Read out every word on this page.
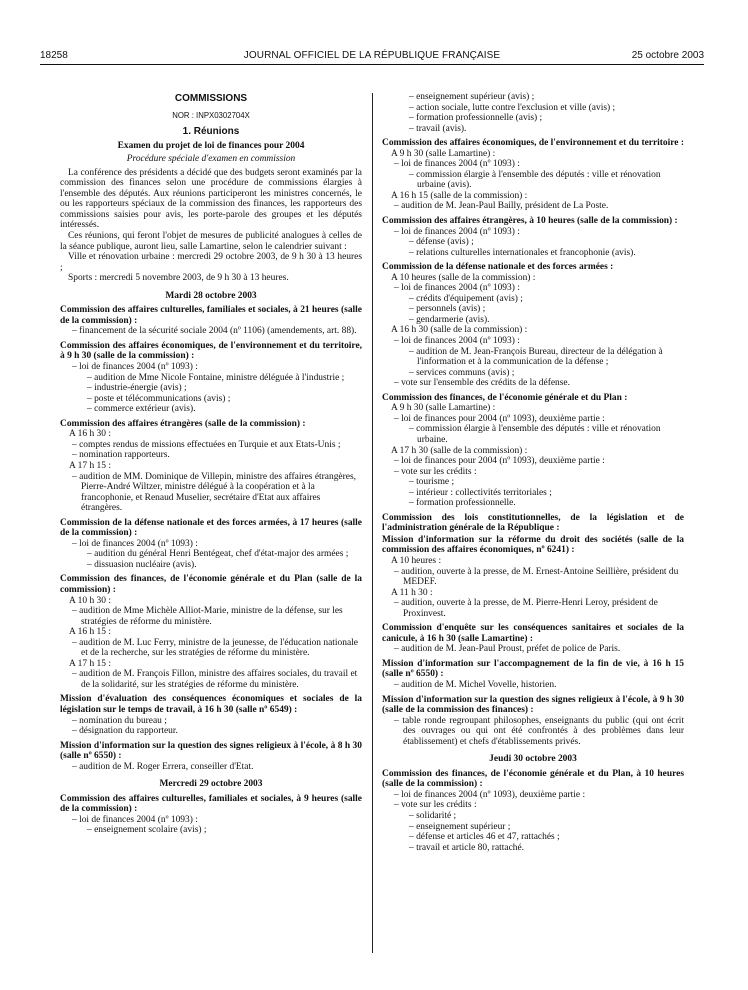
18258	JOURNAL OFFICIEL DE LA RÉPUBLIQUE FRANÇAISE	25 octobre 2003

COMMISSIONS

NOR : INPX0302704X

1. Réunions

Examen du projet de loi de finances pour 2004

Procédure spéciale d'examen en commission

La conférence des présidents a décidé que des budgets seront examinés par la commission des finances selon une procédure de commissions élargies à l'ensemble des députés. Aux réunions participeront les ministres concernés, le ou les rapporteurs spéciaux de la commission des finances, les rapporteurs des commissions saisies pour avis, les porte-parole des groupes et les députés intéressés.

Ces réunions, qui feront l'objet de mesures de publicité analogues à celles de la séance publique, auront lieu, salle Lamartine, selon le calendrier suivant :

Ville et rénovation urbaine : mercredi 29 octobre 2003, de 9 h 30 à 13 heures ;

Sports : mercredi 5 novembre 2003, de 9 h 30 à 13 heures.

Mardi 28 octobre 2003

Commission des affaires culturelles, familiales et sociales, à 21 heures (salle de la commission) :

– financement de la sécurité sociale 2004 (nº 1106) (amendements, art. 88).

Commission des affaires économiques, de l'environnement et du territoire, à 9 h 30 (salle de la commission) :

– loi de finances 2004 (nº 1093) :

– audition de Mme Nicole Fontaine, ministre déléguée à l'industrie ;

– industrie-énergie (avis) ;

– poste et télécommunications (avis) ;

– commerce extérieur (avis).

Commission des affaires étrangères (salle de la commission) :

A 16 h 30 :

– comptes rendus de missions effectuées en Turquie et aux Etats-Unis ;

– nomination rapporteurs.

A 17 h 15 :

– audition de MM. Dominique de Villepin, ministre des affaires étrangères, Pierre-André Wiltzer, ministre délégué à la coopération et à la francophonie, et Renaud Muselier, secrétaire d'Etat aux affaires étrangères.

Commission de la défense nationale et des forces armées, à 17 heures (salle de la commission) :

– loi de finances 2004 (nº 1093) :

– audition du général Henri Bentégeat, chef d'état-major des armées ;

– dissuasion nucléaire (avis).

Commission des finances, de l'économie générale et du Plan (salle de la commission) :

A 10 h 30 :

– audition de Mme Michèle Alliot-Marie, ministre de la défense, sur les stratégies de réforme du ministère.

A 16 h 15 :

– audition de M. Luc Ferry, ministre de la jeunesse, de l'éducation nationale et de la recherche, sur les stratégies de réforme du ministère.

A 17 h 15 :

– audition de M. François Fillon, ministre des affaires sociales, du travail et de la solidarité, sur les stratégies de réforme du ministère.

Mission d'évaluation des conséquences économiques et sociales de la législation sur le temps de travail, à 16 h 30 (salle nº 6549) :

– nomination du bureau ;

– désignation du rapporteur.

Mission d'information sur la question des signes religieux à l'école, à 8 h 30 (salle nº 6550) :

– audition de M. Roger Errera, conseiller d'Etat.

Mercredi 29 octobre 2003

Commission des affaires culturelles, familiales et sociales, à 9 heures (salle de la commission) :

– loi de finances 2004 (nº 1093) :

– enseignement scolaire (avis) ;

– enseignement supérieur (avis) ;

– action sociale, lutte contre l'exclusion et ville (avis) ;

– formation professionnelle (avis) ;

– travail (avis).

Commission des affaires économiques, de l'environnement et du territoire :

A 9 h 30 (salle Lamartine) :

– loi de finances 2004 (nº 1093) :

– commission élargie à l'ensemble des députés : ville et rénovation urbaine (avis).

A 16 h 15 (salle de la commission) :

– audition de M. Jean-Paul Bailly, président de La Poste.

Commission des affaires étrangères, à 10 heures (salle de la commission) :

– loi de finances 2004 (nº 1093) :

– défense (avis) ;

– relations culturelles internationales et francophonie (avis).

Commission de la défense nationale et des forces armées :

A 10 heures (salle de la commission) :

– loi de finances 2004 (nº 1093) :

– crédits d'équipement (avis) ;

– personnels (avis) ;

– gendarmerie (avis).

A 16 h 30 (salle de la commission) :

– loi de finances 2004 (nº 1093) :

– audition de M. Jean-François Bureau, directeur de la délégation à l'information et à la communication de la défense ;

– services communs (avis) ;

– vote sur l'ensemble des crédits de la défense.

Commission des finances, de l'économie générale et du Plan :

A 9 h 30 (salle Lamartine) :

– loi de finances pour 2004 (nº 1093), deuxième partie :

– commission élargie à l'ensemble des députés : ville et rénovation urbaine.

A 17 h 30 (salle de la commission) :

– loi de finances pour 2004 (nº 1093), deuxième partie :

– vote sur les crédits :

– tourisme ;

– intérieur : collectivités territoriales ;

– formation professionnelle.

Commission des lois constitutionnelles, de la législation et de l'administration générale de la République :

Mission d'information sur la réforme du droit des sociétés (salle de la commission des affaires économiques, nº 6241) :

A 10 heures :

– audition, ouverte à la presse, de M. Ernest-Antoine Seillière, président du MEDEF.

A 11 h 30 :

– audition, ouverte à la presse, de M. Pierre-Henri Leroy, président de Proxinvest.

Commission d'enquête sur les conséquences sanitaires et sociales de la canicule, à 16 h 30 (salle Lamartine) :

– audition de M. Jean-Paul Proust, préfet de police de Paris.

Mission d'information sur l'accompagnement de la fin de vie, à 16 h 15 (salle nº 6550) :

– audition de M. Michel Vovelle, historien.

Mission d'information sur la question des signes religieux à l'école, à 9 h 30 (salle de la commission des finances) :

– table ronde regroupant philosophes, enseignants du public (qui ont écrit des ouvrages ou qui ont été confrontés à des problèmes dans leur établissement) et chefs d'établissements privés.

Jeudi 30 octobre 2003

Commission des finances, de l'économie générale et du Plan, à 10 heures (salle de la commission) :

– loi de finances 2004 (nº 1093), deuxième partie :

– vote sur les crédits :

– solidarité ;

– enseignement supérieur ;

– défense et articles 46 et 47, rattachés ;

– travail et article 80, rattaché.
